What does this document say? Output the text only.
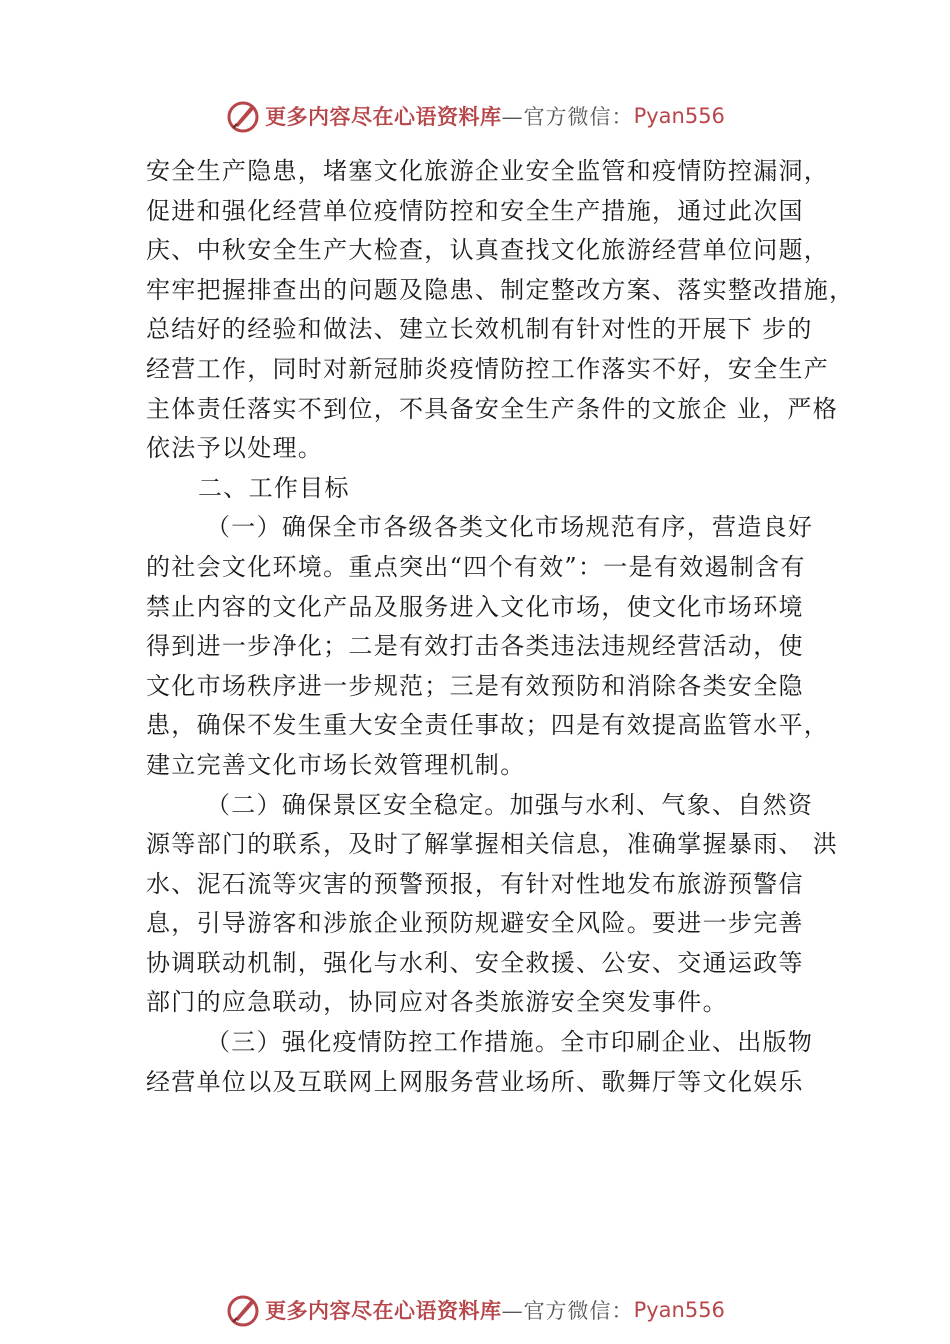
更多内容尽在心语资料库 —官方微信： Pyan556
安全生产隐患，堵塞文化旅游企业安全监管和疫情防控漏洞，
促进和强化经营单位疫情防控和安全生产措施，通过此次国
庆、中秋安全生产大检查，认真查找文化旅游经营单位问题，
牢牢把握排查出的问题及隐患、制定整改方案、落实整改措施，
总结好的经验和做法、建立长效机制有针对性的开展下 步的
经营工作，同时对新冠肺炎疫情防控工作落实不好，安全生产
主体责任落实不到位，不具备安全生产条件的文旅企 业，严格
依法予以处理。
二、工作目标
（一）确保全市各级各类文化市场规范有序，营造良好
的社会文化环境。重点突出“四个有效”：一是有效遏制含有
禁止内容的文化产品及服务进入文化市场，使文化市场环境
得到进一步净化；二是有效打击各类违法违规经营活动，使
文化市场秩序进一步规范；三是有效预防和消除各类安全隐
患，确保不发生重大安全责任事故；四是有效提高监管水平，
建立完善文化市场长效管理机制。
（二）确保景区安全稳定。加强与水利、气象、自然资
源等部门的联系，及时了解掌握相关信息，准确掌握暴雨、 洪
水、泥石流等灾害的预警预报，有针对性地发布旅游预警信
息，引导游客和涉旅企业预防规避安全风险。要进一步完善
协调联动机制，强化与水利、安全救援、公安、交通运政等
部门的应急联动，协同应对各类旅游安全突发事件。
（三）强化疫情防控工作措施。全市印刷企业、出版物
经营单位以及互联网上网服务营业场所、歌舞厅等文化娱乐
更多内容尽在心语资料库 —官方微信： Pyan556
